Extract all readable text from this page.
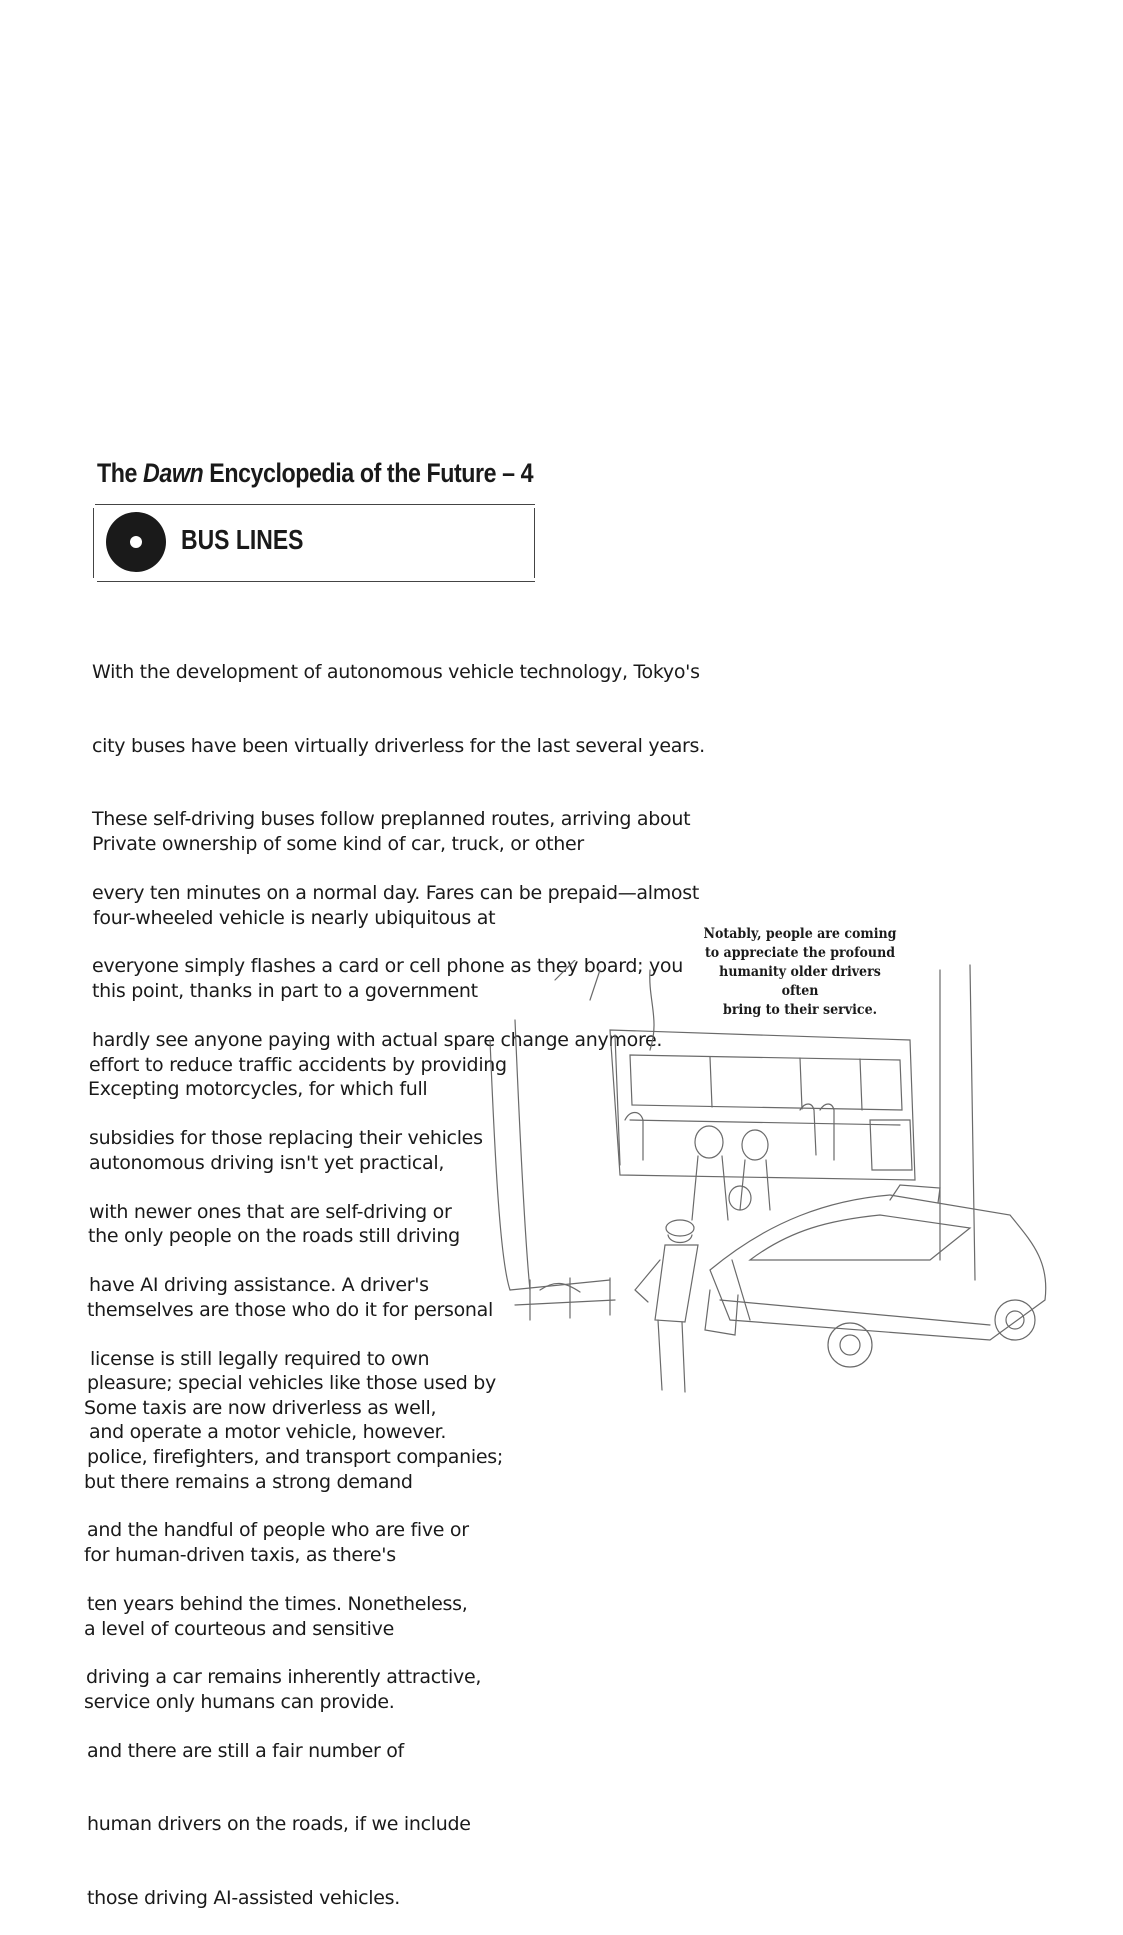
The Dawn Encyclopedia of the Future – 4
BUS LINES

With the development of autonomous vehicle technology, Tokyo's

city buses have been virtually driverless for the last several years.

These self-driving buses follow preplanned routes, arriving about

every ten minutes on a normal day. Fares can be prepaid—almost

everyone simply flashes a card or cell phone as they board; you

hardly see anyone paying with actual spare change anymore.

Private ownership of some kind of car, truck, or other

four-wheeled vehicle is nearly ubiquitous at

this point, thanks in part to a government

effort to reduce traffic accidents by providing

subsidies for those replacing their vehicles

with newer ones that are self-driving or

have AI driving assistance. A driver's

license is still legally required to own

and operate a motor vehicle, however.

Excepting motorcycles, for which full

autonomous driving isn't yet practical,

the only people on the roads still driving

themselves are those who do it for personal

pleasure; special vehicles like those used by

police, firefighters, and transport companies;

and the handful of people who are five or

ten years behind the times. Nonetheless,

driving a car remains inherently attractive,

and there are still a fair number of

human drivers on the roads, if we include

those driving AI-assisted vehicles.

Some taxis are now driverless as well,

but there remains a strong demand

for human-driven taxis, as there's

a level of courteous and sensitive

service only humans can provide.

Notably, people are coming
to appreciate the profound
humanity older drivers often
bring to their service.
